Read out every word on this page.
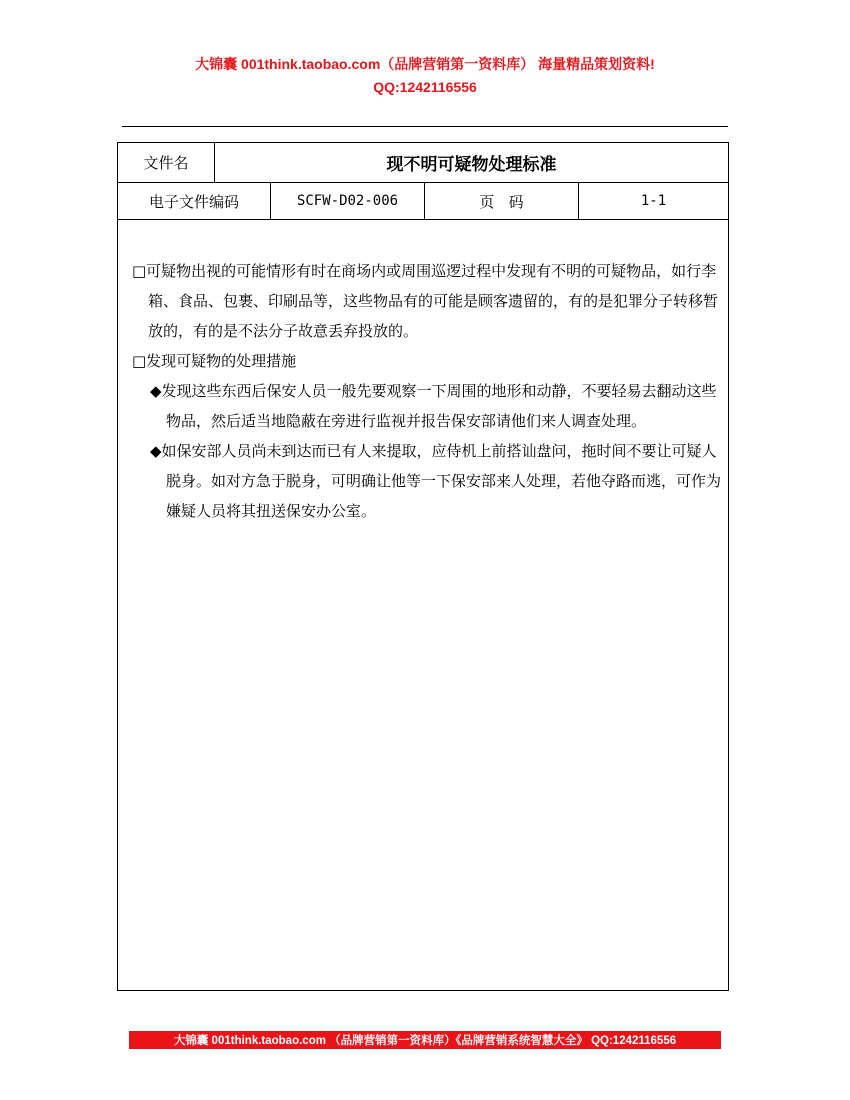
大锦囊 001think.taobao.com（品牌营销第一资料库） 海量精品策划资料!
QQ:1242116556
文件名	现不明可疑物处理标准
电子文件编码	SCFW-D02-006	页   码	1-1
□可疑物出视的可能情形有时在商场内或周围巡逻过程中发现有不明的可疑物品，如行李箱、食品、包裹、印刷品等，这些物品有的可能是顾客遗留的，有的是犯罪分子转移暂放的，有的是不法分子故意丢弃投放的。
□发现可疑物的处理措施
◆发现这些东西后保安人员一般先要观察一下周围的地形和动静，不要轻易去翻动这些物品，然后适当地隐蔽在旁进行监视并报告保安部请他们来人调查处理。
◆如保安部人员尚未到达而已有人来提取，应侍机上前搭讪盘问，拖时间不要让可疑人脱身。如对方急于脱身，可明确让他等一下保安部来人处理，若他夺路而逃，可作为嫌疑人员将其扭送保安办公室。
大锦囊 001think.taobao.com （品牌营销第一资料库）《品牌营销系统智慧大全》 QQ:1242116556
